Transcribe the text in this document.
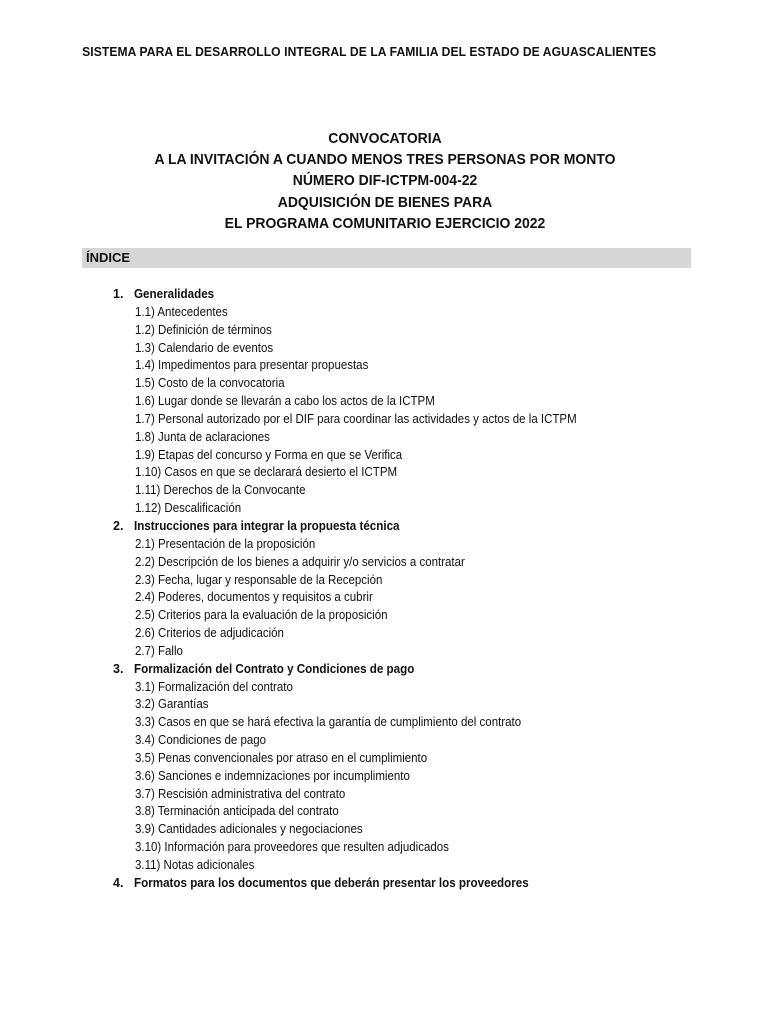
SISTEMA PARA EL DESARROLLO INTEGRAL DE LA FAMILIA DEL ESTADO DE AGUASCALIENTES
CONVOCATORIA
A LA INVITACIÓN A CUANDO MENOS TRES PERSONAS POR MONTO
NÚMERO DIF-ICTPM-004-22
ADQUISICIÓN DE BIENES PARA
EL PROGRAMA COMUNITARIO EJERCICIO 2022
ÍNDICE
1. Generalidades
1.1) Antecedentes
1.2) Definición de términos
1.3) Calendario de eventos
1.4) Impedimentos para presentar propuestas
1.5) Costo de la convocatoria
1.6) Lugar donde se llevarán a cabo los actos de la ICTPM
1.7) Personal autorizado por el DIF para coordinar las actividades y actos de la ICTPM
1.8) Junta de aclaraciones
1.9) Etapas del concurso y Forma en que se Verifica
1.10) Casos en que se declarará desierto el ICTPM
1.11) Derechos de la Convocante
1.12) Descalificación
2. Instrucciones para integrar la propuesta técnica
2.1) Presentación de la proposición
2.2) Descripción de los bienes a adquirir y/o servicios a contratar
2.3) Fecha, lugar y responsable de la Recepción
2.4) Poderes, documentos y requisitos a cubrir
2.5) Criterios para la evaluación de la proposición
2.6) Criterios de adjudicación
2.7) Fallo
3. Formalización del Contrato y Condiciones de pago
3.1) Formalización del contrato
3.2) Garantías
3.3) Casos en que se hará efectiva la garantía de cumplimiento del contrato
3.4) Condiciones de pago
3.5) Penas convencionales por atraso en el cumplimiento
3.6) Sanciones e indemnizaciones por incumplimiento
3.7) Rescisión administrativa del contrato
3.8) Terminación anticipada del contrato
3.9) Cantidades adicionales y negociaciones
3.10) Información para proveedores que resulten adjudicados
3.11) Notas adicionales
4. Formatos para los documentos que deberán presentar los proveedores
